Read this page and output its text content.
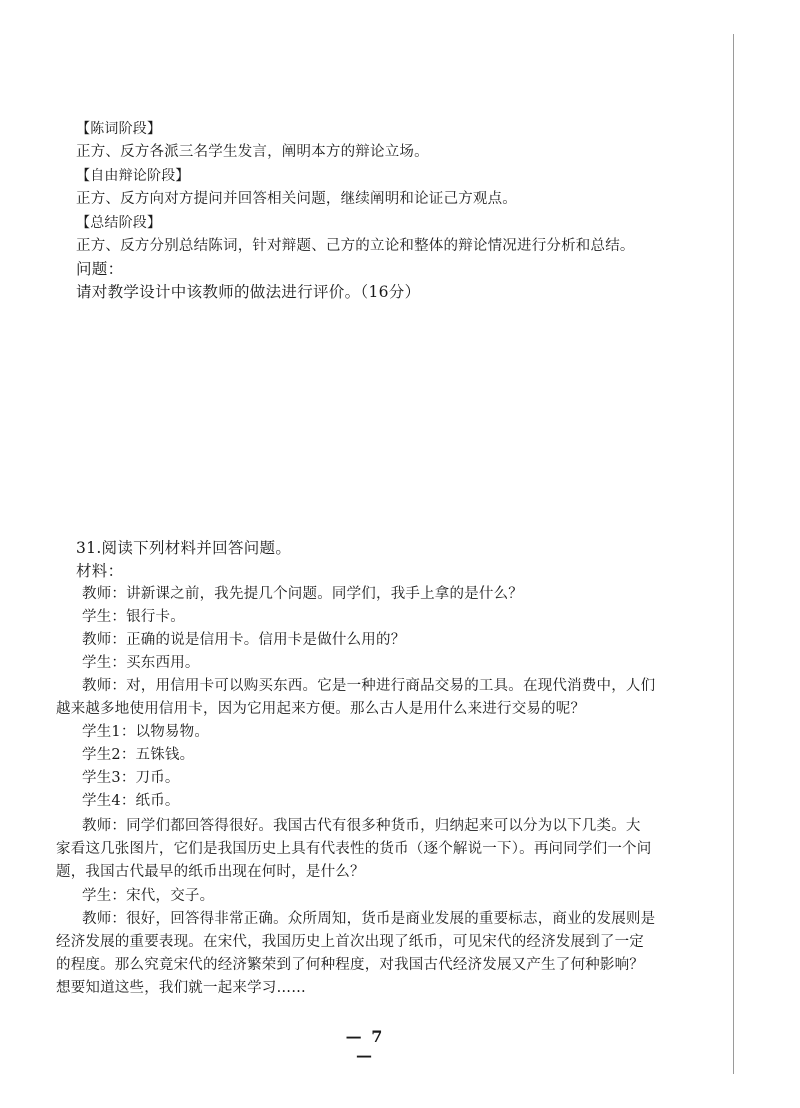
【陈词阶段】
正方、反方各派三名学生发言，阐明本方的辩论立场。
【自由辩论阶段】
正方、反方向对方提问并回答相关问题，继续阐明和论证己方观点。
【总结阶段】
正方、反方分别总结陈词，针对辩题、己方的立论和整体的辩论情况进行分析和总结。
问题：
请对教学设计中该教师的做法进行评价。（16分）
31.阅读下列材料并回答问题。
材料：
教师：讲新课之前，我先提几个问题。同学们，我手上拿的是什么？
学生：银行卡。
教师：正确的说是信用卡。信用卡是做什么用的？
学生：买东西用。
教师：对，用信用卡可以购买东西。它是一种进行商品交易的工具。在现代消费中，人们
越来越多地使用信用卡，因为它用起来方便。那么古人是用什么来进行交易的呢？
学生1：以物易物。
学生2：五铢钱。
学生3：刀币。
学生4：纸币。
教师：同学们都回答得很好。我国古代有很多种货币，归纳起来可以分为以下几类。大
家看这几张图片，它们是我国历史上具有代表性的货币（逐个解说一下）。再问同学们一个问
题，我国古代最早的纸币出现在何时，是什么？
学生：宋代，交子。
教师：很好，回答得非常正确。众所周知，货币是商业发展的重要标志，商业的发展则是
经济发展的重要表现。在宋代，我国历史上首次出现了纸币，可见宋代的经济发展到了一定
的程度。那么究竟宋代的经济繁荣到了何种程度，对我国古代经济发展又产生了何种影响？
想要知道这些，我们就一起来学习……
— 7 —
